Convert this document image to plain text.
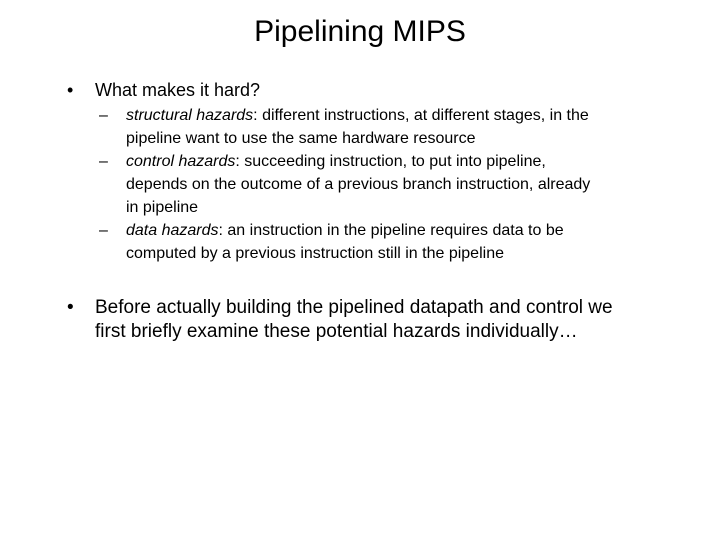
Pipelining MIPS
• What makes it hard?
– structural hazards: different instructions, at different stages, in the
pipeline want to use the same hardware resource
– control hazards: succeeding instruction, to put into pipeline,
depends on the outcome of a previous branch instruction, already
in pipeline
– data hazards: an instruction in the pipeline requires data to be
computed by a previous instruction still in the pipeline
• Before actually building the pipelined datapath and control we
first briefly examine these potential hazards individually…
